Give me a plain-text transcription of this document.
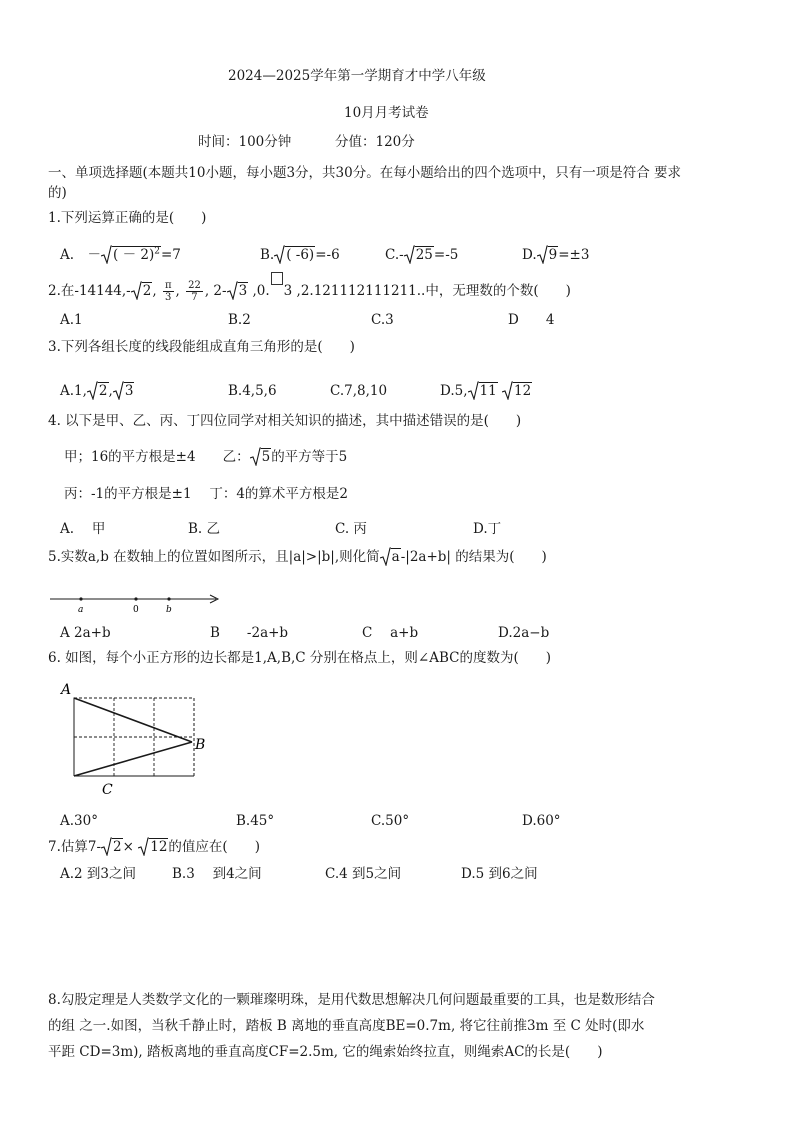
2024—2025学年第一学期育才中学八年级
10月月考试卷
时间：100分钟	分值：120分
一、单项选择题(本题共10小题，每小题3分，共30分。在每小题给出的四个选项中，只有一项是符合 要求
的)
1.下列运算正确的是(　　)
A.　－ ( － 2)$^2$=7	B. ( -6)=-6	C.- 25=-5	D. 9=±3
2.在-14144,- 2, $\frac{\pi}{3}$ , $\frac{22}{7}$ , 2- 3 ,0. 3 ,2.121112111211..中，无理数的个数(　　)
A.1	B.2	C.3	D　　4
3.下列各组长度的线段能组成直角三角形的是(　　)
A.1, 2, 3	B.4,5,6	C.7,8,10	D.5, 11 12
4. 以下是甲、乙、丙、丁四位同学对相关知识的描述，其中描述错误的是(　　)
甲；16的平方根是±4　　乙： 5的平方等于5
丙：-1的平方根是±1　 丁：4的算术平方根是2
A.　 甲	B. 乙	C. 丙	D.丁
5.实数a,b 在数轴上的位置如图所示，且|a|>|b|,则化简 a-|2a+b| 的结果为(　　)
a	0	b
A 2a+b	B　　-2a+b	C　 a+b	D.2a−b
6. 如图，每个小正方形的边长都是1,A,B,C 分别在格点上，则∠ABC的度数为(　　)
A
B
C
A.30°	B.45°	C.50°	D.60°
7.估算7- 2× 12的值应在(　　)
A.2 到3之间	B.3　 到4之间	C.4 到5之间	D.5 到6之间
8.勾股定理是人类数学文化的一颗璀璨明珠，是用代数思想解决几何问题最重要的工具，也是数形结合
的组 之一.如图，当秋千静止时，踏板 B 离地的垂直高度BE=0.7m, 将它往前推3m 至 C 处时(即水
平距 CD=3m), 踏板离地的垂直高度CF=2.5m, 它的绳索始终拉直，则绳索AC的长是(　　)
